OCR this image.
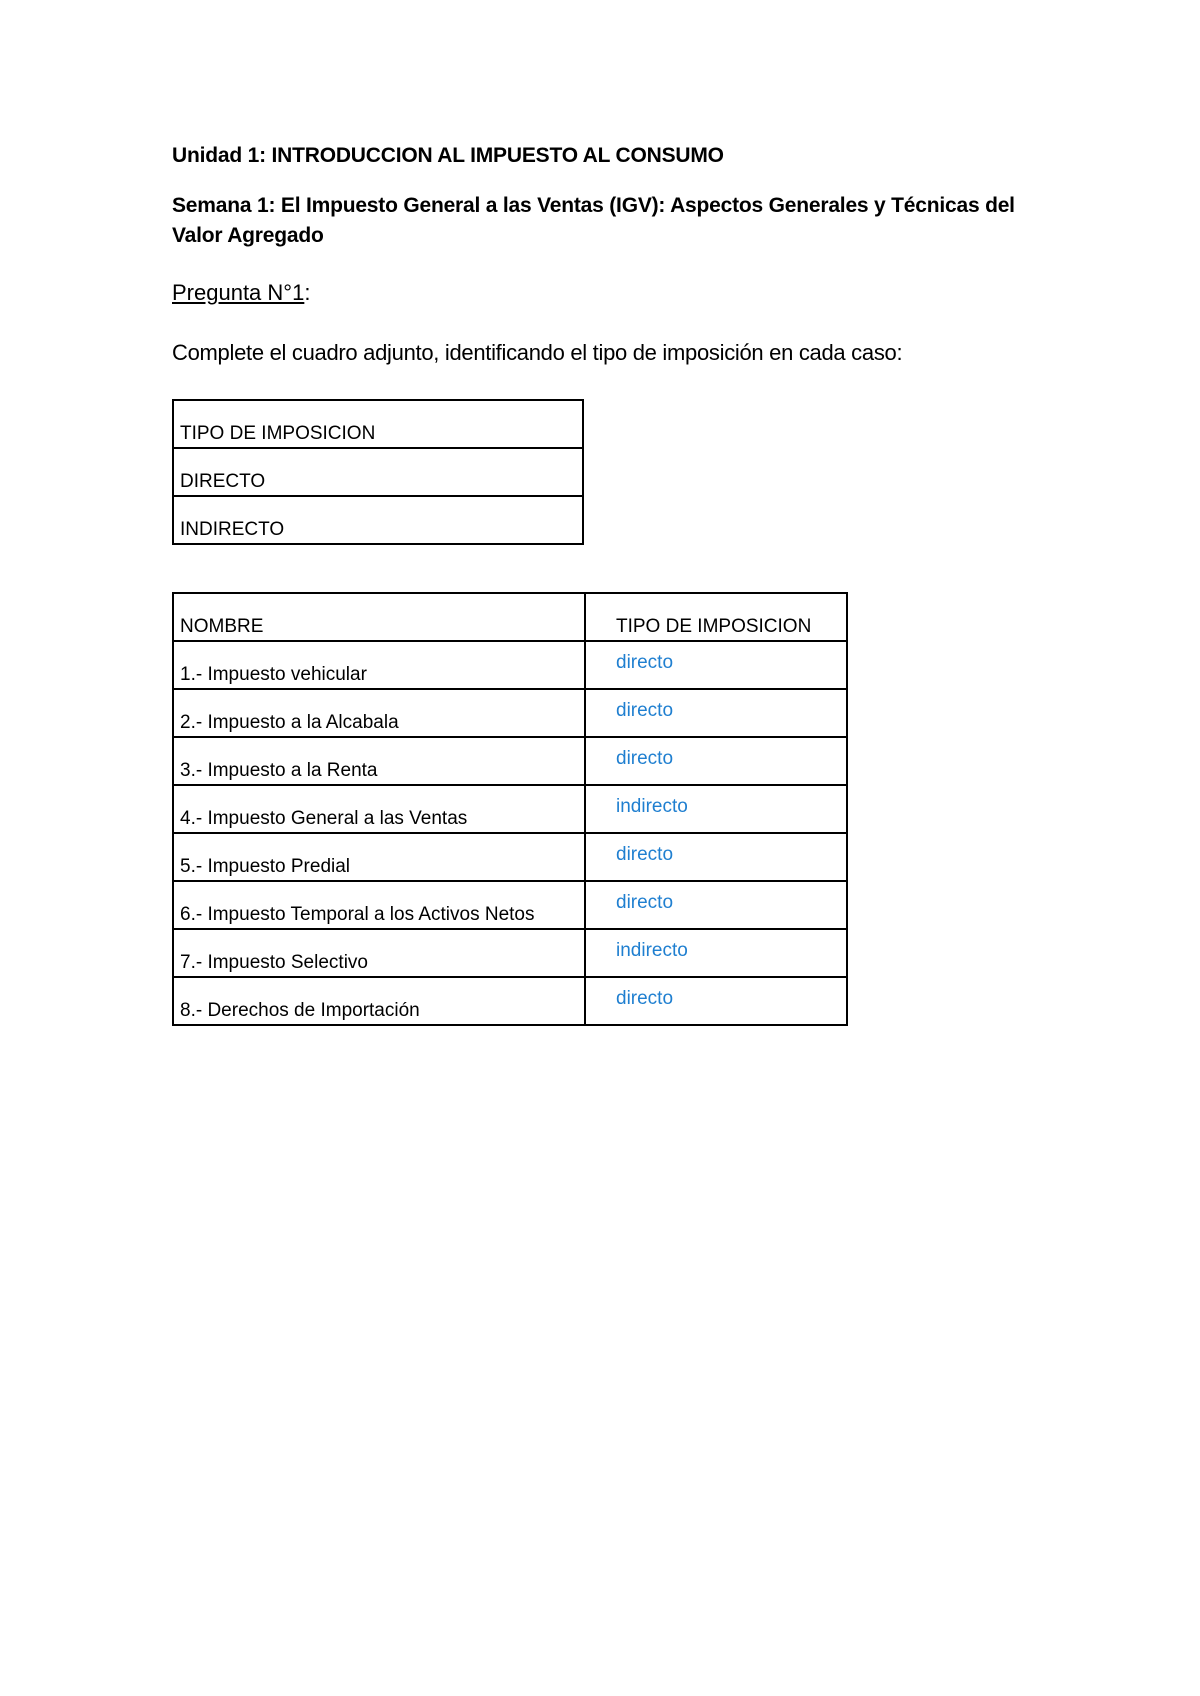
Unidad 1: INTRODUCCION AL IMPUESTO AL CONSUMO
Semana 1: El Impuesto General a las Ventas (IGV): Aspectos Generales y Técnicas del Valor Agregado
Pregunta N°1:
Complete el cuadro adjunto, identificando el tipo de imposición en cada caso:
TIPO DE IMPOSICION
DIRECTO
INDIRECTO
NOMBRE	TIPO DE IMPOSICION
1.- Impuesto vehicular	directo
2.- Impuesto a la Alcabala	directo
3.- Impuesto a la Renta	directo
4.- Impuesto General a las Ventas	indirecto
5.- Impuesto Predial	directo
6.- Impuesto Temporal a los Activos Netos	directo
7.- Impuesto Selectivo	indirecto
8.- Derechos de Importación	directo
